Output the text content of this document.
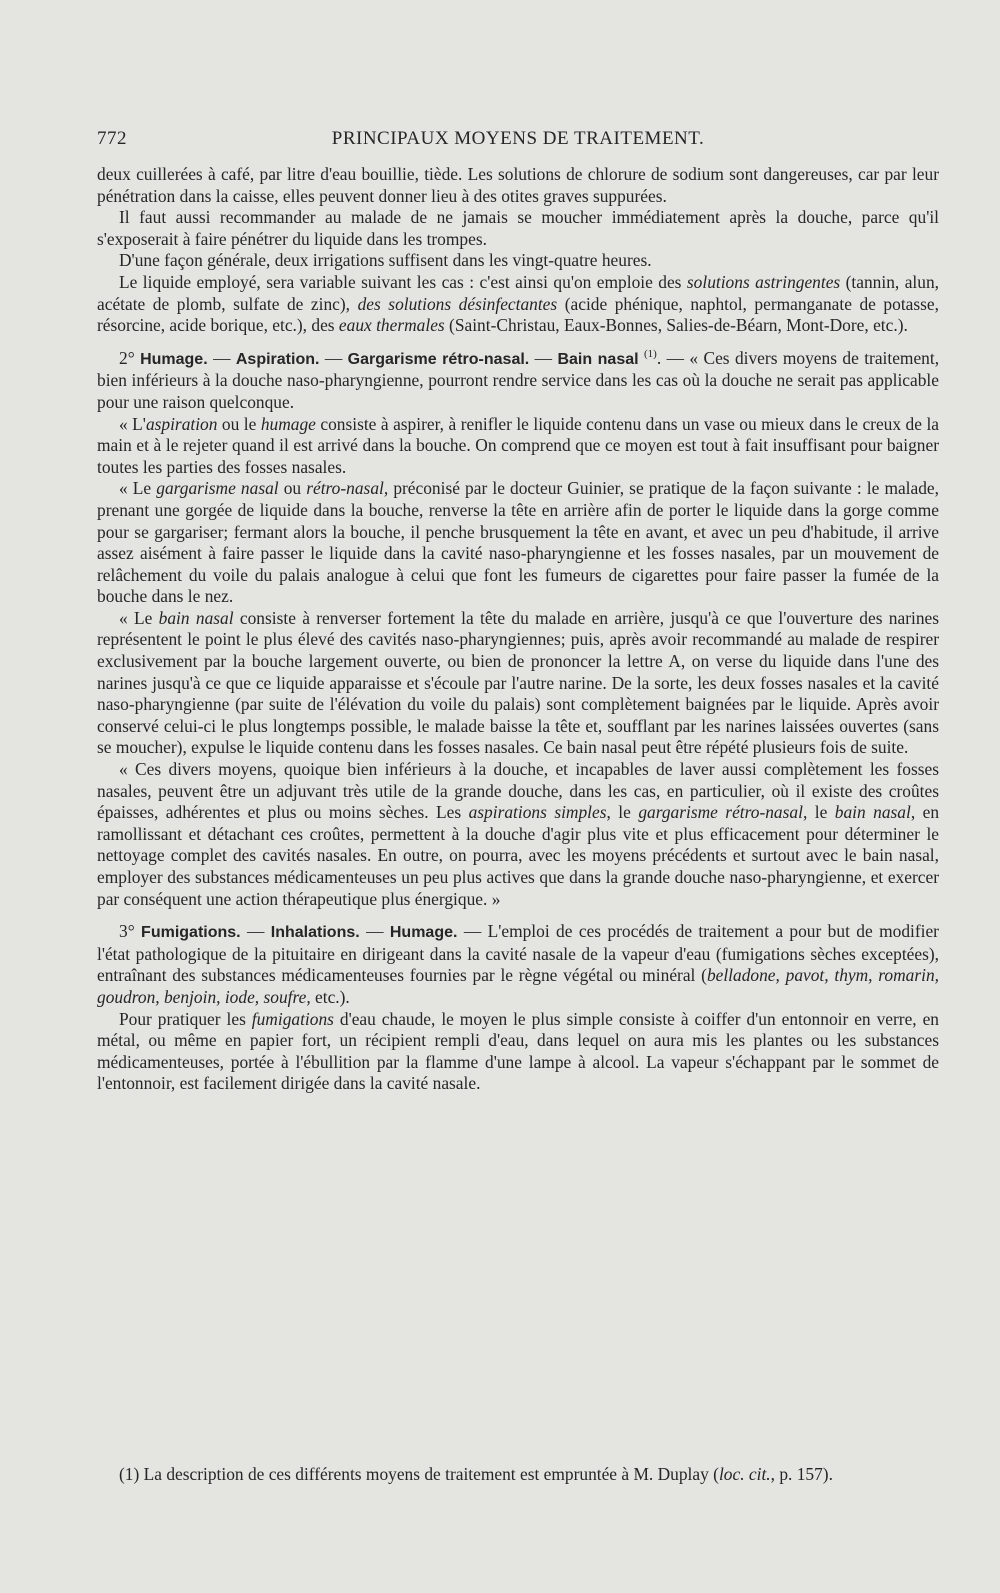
772	PRINCIPAUX MOYENS DE TRAITEMENT.

deux cuillerées à café, par litre d'eau bouillie, tiède. Les solutions de chlorure de sodium sont dangereuses, car par leur pénétration dans la caisse, elles peuvent donner lieu à des otites graves suppurées.

Il faut aussi recommander au malade de ne jamais se moucher immédiatement après la douche, parce qu'il s'exposerait à faire pénétrer du liquide dans les trompes.

D'une façon générale, deux irrigations suffisent dans les vingt-quatre heures.

Le liquide employé, sera variable suivant les cas : c'est ainsi qu'on emploie des solutions astringentes (tannin, alun, acétate de plomb, sulfate de zinc), des solutions désinfectantes (acide phénique, naphtol, permanganate de potasse, résorcine, acide borique, etc.), des eaux thermales (Saint-Christau, Eaux-Bonnes, Salies-de-Béarn, Mont-Dore, etc.).

2° Humage. — Aspiration. — Gargarisme rétro-nasal. — Bain nasal $^{(1)}$. — « Ces divers moyens de traitement, bien inférieurs à la douche naso-pharyngienne, pourront rendre service dans les cas où la douche ne serait pas applicable pour une raison quelconque.

« L'aspiration ou le humage consiste à aspirer, à renifler le liquide contenu dans un vase ou mieux dans le creux de la main et à le rejeter quand il est arrivé dans la bouche. On comprend que ce moyen est tout à fait insuffisant pour baigner toutes les parties des fosses nasales.

« Le gargarisme nasal ou rétro-nasal, préconisé par le docteur Guinier, se pratique de la façon suivante : le malade, prenant une gorgée de liquide dans la bouche, renverse la tête en arrière afin de porter le liquide dans la gorge comme pour se gargariser; fermant alors la bouche, il penche brusquement la tête en avant, et avec un peu d'habitude, il arrive assez aisément à faire passer le liquide dans la cavité naso-pharyngienne et les fosses nasales, par un mouvement de relâchement du voile du palais analogue à celui que font les fumeurs de cigarettes pour faire passer la fumée de la bouche dans le nez.

« Le bain nasal consiste à renverser fortement la tête du malade en arrière, jusqu'à ce que l'ouverture des narines représentent le point le plus élevé des cavités naso-pharyngiennes; puis, après avoir recommandé au malade de respirer exclusivement par la bouche largement ouverte, ou bien de prononcer la lettre A, on verse du liquide dans l'une des narines jusqu'à ce que ce liquide apparaisse et s'écoule par l'autre narine. De la sorte, les deux fosses nasales et la cavité naso-pharyngienne (par suite de l'élévation du voile du palais) sont complètement baignées par le liquide. Après avoir conservé celui-ci le plus longtemps possible, le malade baisse la tête et, soufflant par les narines laissées ouvertes (sans se moucher), expulse le liquide contenu dans les fosses nasales. Ce bain nasal peut être répété plusieurs fois de suite.

« Ces divers moyens, quoique bien inférieurs à la douche, et incapables de laver aussi complètement les fosses nasales, peuvent être un adjuvant très utile de la grande douche, dans les cas, en particulier, où il existe des croûtes épaisses, adhérentes et plus ou moins sèches. Les aspirations simples, le gargarisme rétro-nasal, le bain nasal, en ramollissant et détachant ces croûtes, permettent à la douche d'agir plus vite et plus efficacement pour déterminer le nettoyage complet des cavités nasales. En outre, on pourra, avec les moyens précédents et surtout avec le bain nasal, employer des substances médicamenteuses un peu plus actives que dans la grande douche naso-pharyngienne, et exercer par conséquent une action thérapeutique plus énergique. »

3° Fumigations. — Inhalations. — Humage. — L'emploi de ces procédés de traitement a pour but de modifier l'état pathologique de la pituitaire en dirigeant dans la cavité nasale de la vapeur d'eau (fumigations sèches exceptées), entraînant des substances médicamenteuses fournies par le règne végétal ou minéral (belladone, pavot, thym, romarin, goudron, benjoin, iode, soufre, etc.).

Pour pratiquer les fumigations d'eau chaude, le moyen le plus simple consiste à coiffer d'un entonnoir en verre, en métal, ou même en papier fort, un récipient rempli d'eau, dans lequel on aura mis les plantes ou les substances médicamenteuses, portée à l'ébullition par la flamme d'une lampe à alcool. La vapeur s'échappant par le sommet de l'entonnoir, est facilement dirigée dans la cavité nasale.

(1) La description de ces différents moyens de traitement est empruntée à M. Duplay (loc. cit., p. 157).
